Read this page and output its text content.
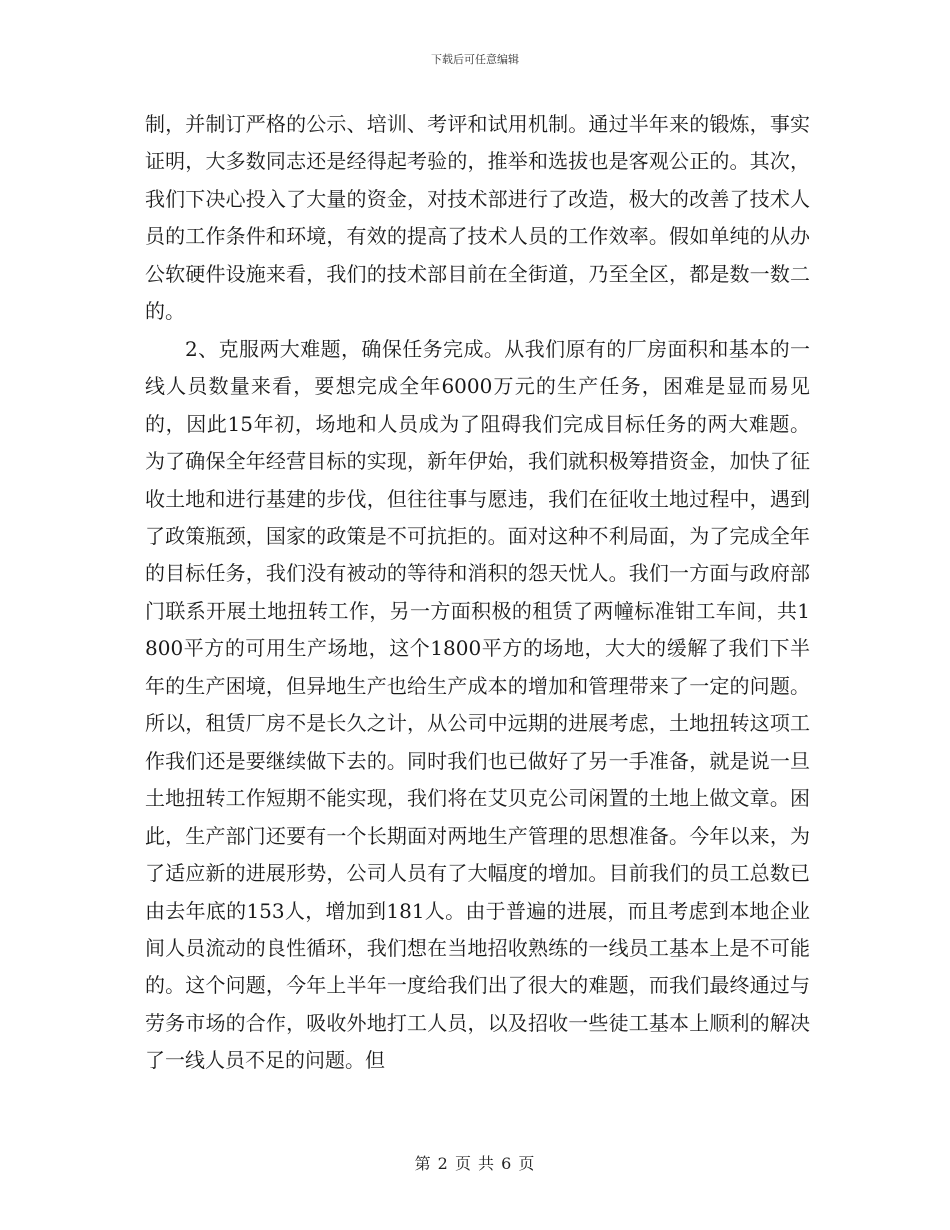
下载后可任意编辑

制，并制订严格的公示、培训、考评和试用机制。通过半年来的锻炼，事实证明，大多数同志还是经得起考验的，推举和选拔也是客观公正的。其次，我们下决心投入了大量的资金，对技术部进行了改造，极大的改善了技术人员的工作条件和环境，有效的提高了技术人员的工作效率。假如单纯的从办公软硬件设施来看，我们的技术部目前在全街道，乃至全区，都是数一数二的。

2、克服两大难题，确保任务完成。从我们原有的厂房面积和基本的一线人员数量来看，要想完成全年6000万元的生产任务，困难是显而易见的，因此15年初，场地和人员成为了阻碍我们完成目标任务的两大难题。为了确保全年经营目标的实现，新年伊始，我们就积极筹措资金，加快了征收土地和进行基建的步伐，但往往事与愿违，我们在征收土地过程中，遇到了政策瓶颈，国家的政策是不可抗拒的。面对这种不利局面，为了完成全年的目标任务，我们没有被动的等待和消积的怨天忧人。我们一方面与政府部门联系开展土地扭转工作，另一方面积极的租赁了两幢标准钳工车间，共1800平方的可用生产场地，这个1800平方的场地，大大的缓解了我们下半年的生产困境，但异地生产也给生产成本的增加和管理带来了一定的问题。所以，租赁厂房不是长久之计，从公司中远期的进展考虑，土地扭转这项工作我们还是要继续做下去的。同时我们也已做好了另一手准备，就是说一旦土地扭转工作短期不能实现，我们将在艾贝克公司闲置的土地上做文章。困此，生产部门还要有一个长期面对两地生产管理的思想准备。今年以来，为了适应新的进展形势，公司人员有了大幅度的增加。目前我们的员工总数已由去年底的153人，增加到181人。由于普遍的进展，而且考虑到本地企业间人员流动的良性循环，我们想在当地招收熟练的一线员工基本上是不可能的。这个问题，今年上半年一度给我们出了很大的难题，而我们最终通过与劳务市场的合作，吸收外地打工人员，以及招收一些徒工基本上顺利的解决了一线人员不足的问题。但

第 2 页 共 6 页
